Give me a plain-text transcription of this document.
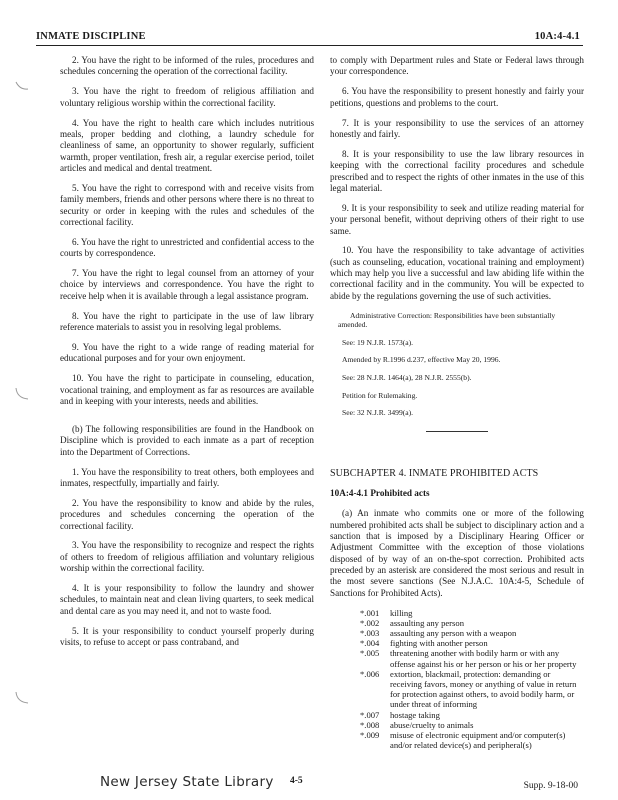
INMATE DISCIPLINE	10A:4-4.1

2. You have the right to be informed of the rules, procedures and schedules concerning the operation of the correctional facility.

3. You have the right to freedom of religious affiliation and voluntary religious worship within the correctional facility.

4. You have the right to health care which includes nutritious meals, proper bedding and clothing, a laundry schedule for cleanliness of same, an opportunity to shower regularly, sufficient warmth, proper ventilation, fresh air, a regular exercise period, toilet articles and medical and dental treatment.

5. You have the right to correspond with and receive visits from family members, friends and other persons where there is no threat to security or order in keeping with the rules and schedules of the correctional facility.

6. You have the right to unrestricted and confidential access to the courts by correspondence.

7. You have the right to legal counsel from an attorney of your choice by interviews and correspondence. You have the right to receive help when it is available through a legal assistance program.

8. You have the right to participate in the use of law library reference materials to assist you in resolving legal problems.

9. You have the right to a wide range of reading material for educational purposes and for your own enjoyment.

10. You have the right to participate in counseling, education, vocational training, and employment as far as resources are available and in keeping with your interests, needs and abilities.

(b) The following responsibilities are found in the Handbook on Discipline which is provided to each inmate as a part of reception into the Department of Corrections.

1. You have the responsibility to treat others, both employees and inmates, respectfully, impartially and fairly.

2. You have the responsibility to know and abide by the rules, procedures and schedules concerning the operation of the correctional facility.

3. You have the responsibility to recognize and respect the rights of others to freedom of religious affiliation and voluntary religious worship within the correctional facility.

4. It is your responsibility to follow the laundry and shower schedules, to maintain neat and clean living quarters, to seek medical and dental care as you may need it, and not to waste food.

5. It is your responsibility to conduct yourself properly during visits, to refuse to accept or pass contraband, and

to comply with Department rules and State or Federal laws through your correspondence.

6. You have the responsibility to present honestly and fairly your petitions, questions and problems to the court.

7. It is your responsibility to use the services of an attorney honestly and fairly.

8. It is your responsibility to use the law library resources in keeping with the correctional facility procedures and schedule prescribed and to respect the rights of other inmates in the use of this legal material.

9. It is your responsibility to seek and utilize reading material for your personal benefit, without depriving others of their right to use same.

10. You have the responsibility to take advantage of activities (such as counseling, education, vocational training and employment) which may help you live a successful and law abiding life within the correctional facility and in the community. You will be expected to abide by the regulations governing the use of such activities.

Administrative Correction: Responsibilities have been substantially amended.

See: 19 N.J.R. 1573(a).

Amended by R.1996 d.237, effective May 20, 1996.

See: 28 N.J.R. 1464(a), 28 N.J.R. 2555(b).

Petition for Rulemaking.

See: 32 N.J.R. 3499(a).

SUBCHAPTER 4. INMATE PROHIBITED ACTS

10A:4-4.1 Prohibited acts

(a) An inmate who commits one or more of the following numbered prohibited acts shall be subject to disciplinary action and a sanction that is imposed by a Disciplinary Hearing Officer or Adjustment Committee with the exception of those violations disposed of by way of an on-the-spot correction. Prohibited acts preceded by an asterisk are considered the most serious and result in the most severe sanctions (See N.J.A.C. 10A:4-5, Schedule of Sanctions for Prohibited Acts).

*.001	killing
*.002	assaulting any person
*.003	assaulting any person with a weapon
*.004	fighting with another person
*.005	threatening another with bodily harm or with any offense against his or her person or his or her property
*.006	extortion, blackmail, protection: demanding or receiving favors, money or anything of value in return for protection against others, to avoid bodily harm, or under threat of informing
*.007	hostage taking
*.008	abuse/cruelty to animals
*.009	misuse of electronic equipment and/or computer(s) and/or related device(s) and peripheral(s)
New Jersey State Library 4-5	Supp. 9-18-00
